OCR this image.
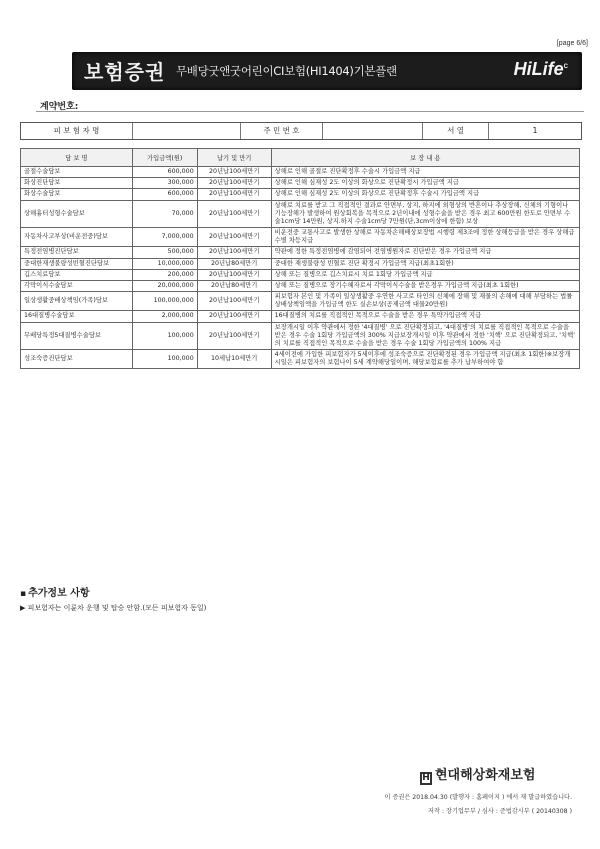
[page 6/6]
보험증권 무배당굿앤굿어린이CI보험(HI1404)기본플랜	HiLife$^C$
계약번호:
피 보 험 자 명	주 민 번 호	서 열	1
담 보 명	가입금액(원)	납기 및 만기	보 장 내 용
골절수술담보	600,000	20년납100세만기	상해로 인해 골절로 진단확정후 수술시 가입금액 지급
화상진단담보	300,000	20년납100세만기	상해로 인해 심재성 2도 이상의 화상으로 진단확정시 가입금액 지급
화상수술담보	600,000	20년납100세만기	상해로 인해 심재성 2도 이상의 화상으로 진단확정후 수술시 가입금액 지급
상해흉터성형수술담보	70,000	20년납100세만기	상해로 치료를 받고 그 직접적인 결과로 안면부, 상지, 하지에 외형상의 반흔이나 추상장해, 신체의 기형이나 기능장해가 발생하여 원상회복을 목적으로 2년이내에 성형수술을 받은 경우 최고 600만원 한도로 안면부 수술1cm당 14만원, 상지.하지 수술1cm당 7만원(단,3cm이상에 한함) 보상
자동차사고부상(비운전중)담보	7,000,000	20년납100세만기	비운전중 교통사고로 발생한 상해로 자동차손해배상보장법 시행령 제3조에 정한 상해등급을 받은 경우 상해급수별 차등지급
특정전염병진단담보	500,000	20년납100세만기	약관에 정한 특정전염병에 감염되어 전염병원자로 진단받은 경우 가입금액 지급
중대한재생불량성빈혈진단담보	10,000,000	20년납80세만기	중대한 재생불량성 빈혈로 진단 확정시 가입금액 지급(최초1회한)
깁스치료담보	200,000	20년납100세만기	상해 또는 질병으로 깁스치료시 치료 1회당 가입금액 지급
각막이식수술담보	20,000,000	20년납80세만기	상해 또는 질병으로 장기수혜자로서 각막이식수술을 받은경우 가입금액 지급(최초 1회한)
일상생활중배상책임(가족)담보	100,000,000	20년납100세만기	피보험자 본인 및 가족이 일상생활중 우연한 사고로 타인의 신체에 장해 및 재물의 손해에 대해 부담하는 법률상배상책임액을 가입금액 한도 실손보상(공제금액 대물20만원)
16대질병수술담보	2,000,000	20년납100세만기	16대질병의 치료를 직접적인 목적으로 수술을 받은 경우 특약가입금액 지급
무배당특정5대질병수술담보	100,000	20년납100세만기	보장개시일 이후 약관에서 정한 '4대질병' 으로 진단확정되고, '4대질병'의 치료를 직접적인 목적으로 수술을 받은 경우 수술 1회당 가입금액의 300% 지급보장개시일 이후 약관에서 정한 '치핵' 으로 진단확정되고, '치핵' 의 치료를 직접적인 목적으로 수술을 받은 경우 수술 1회당 가입금액의 100% 지급
성조숙증진단담보	100,000	10세납10세만기	4세이전에 가입한 피보험자가 5세이후에 성조숙증으로 진단확정된 경우 가입금액 지급(최초 1회한)※보장개시일은 피보험자의 보험나이 5세 계약해당일이며, 해당보험료를 추가 납부하여야 함
▪ 추가정보 사항
▶ 피보험자는 이륜차 운행 및 탑승 안함.(모든 피보험자 동일)
H 현대해상화재보험
이 증권은 2018.04.30 (발행자 : 홈페이지 ) 에서 재 발급하였습니다.
저작 : 장기업무부 / 심사 : 준법감시부 ( 20140308 )
